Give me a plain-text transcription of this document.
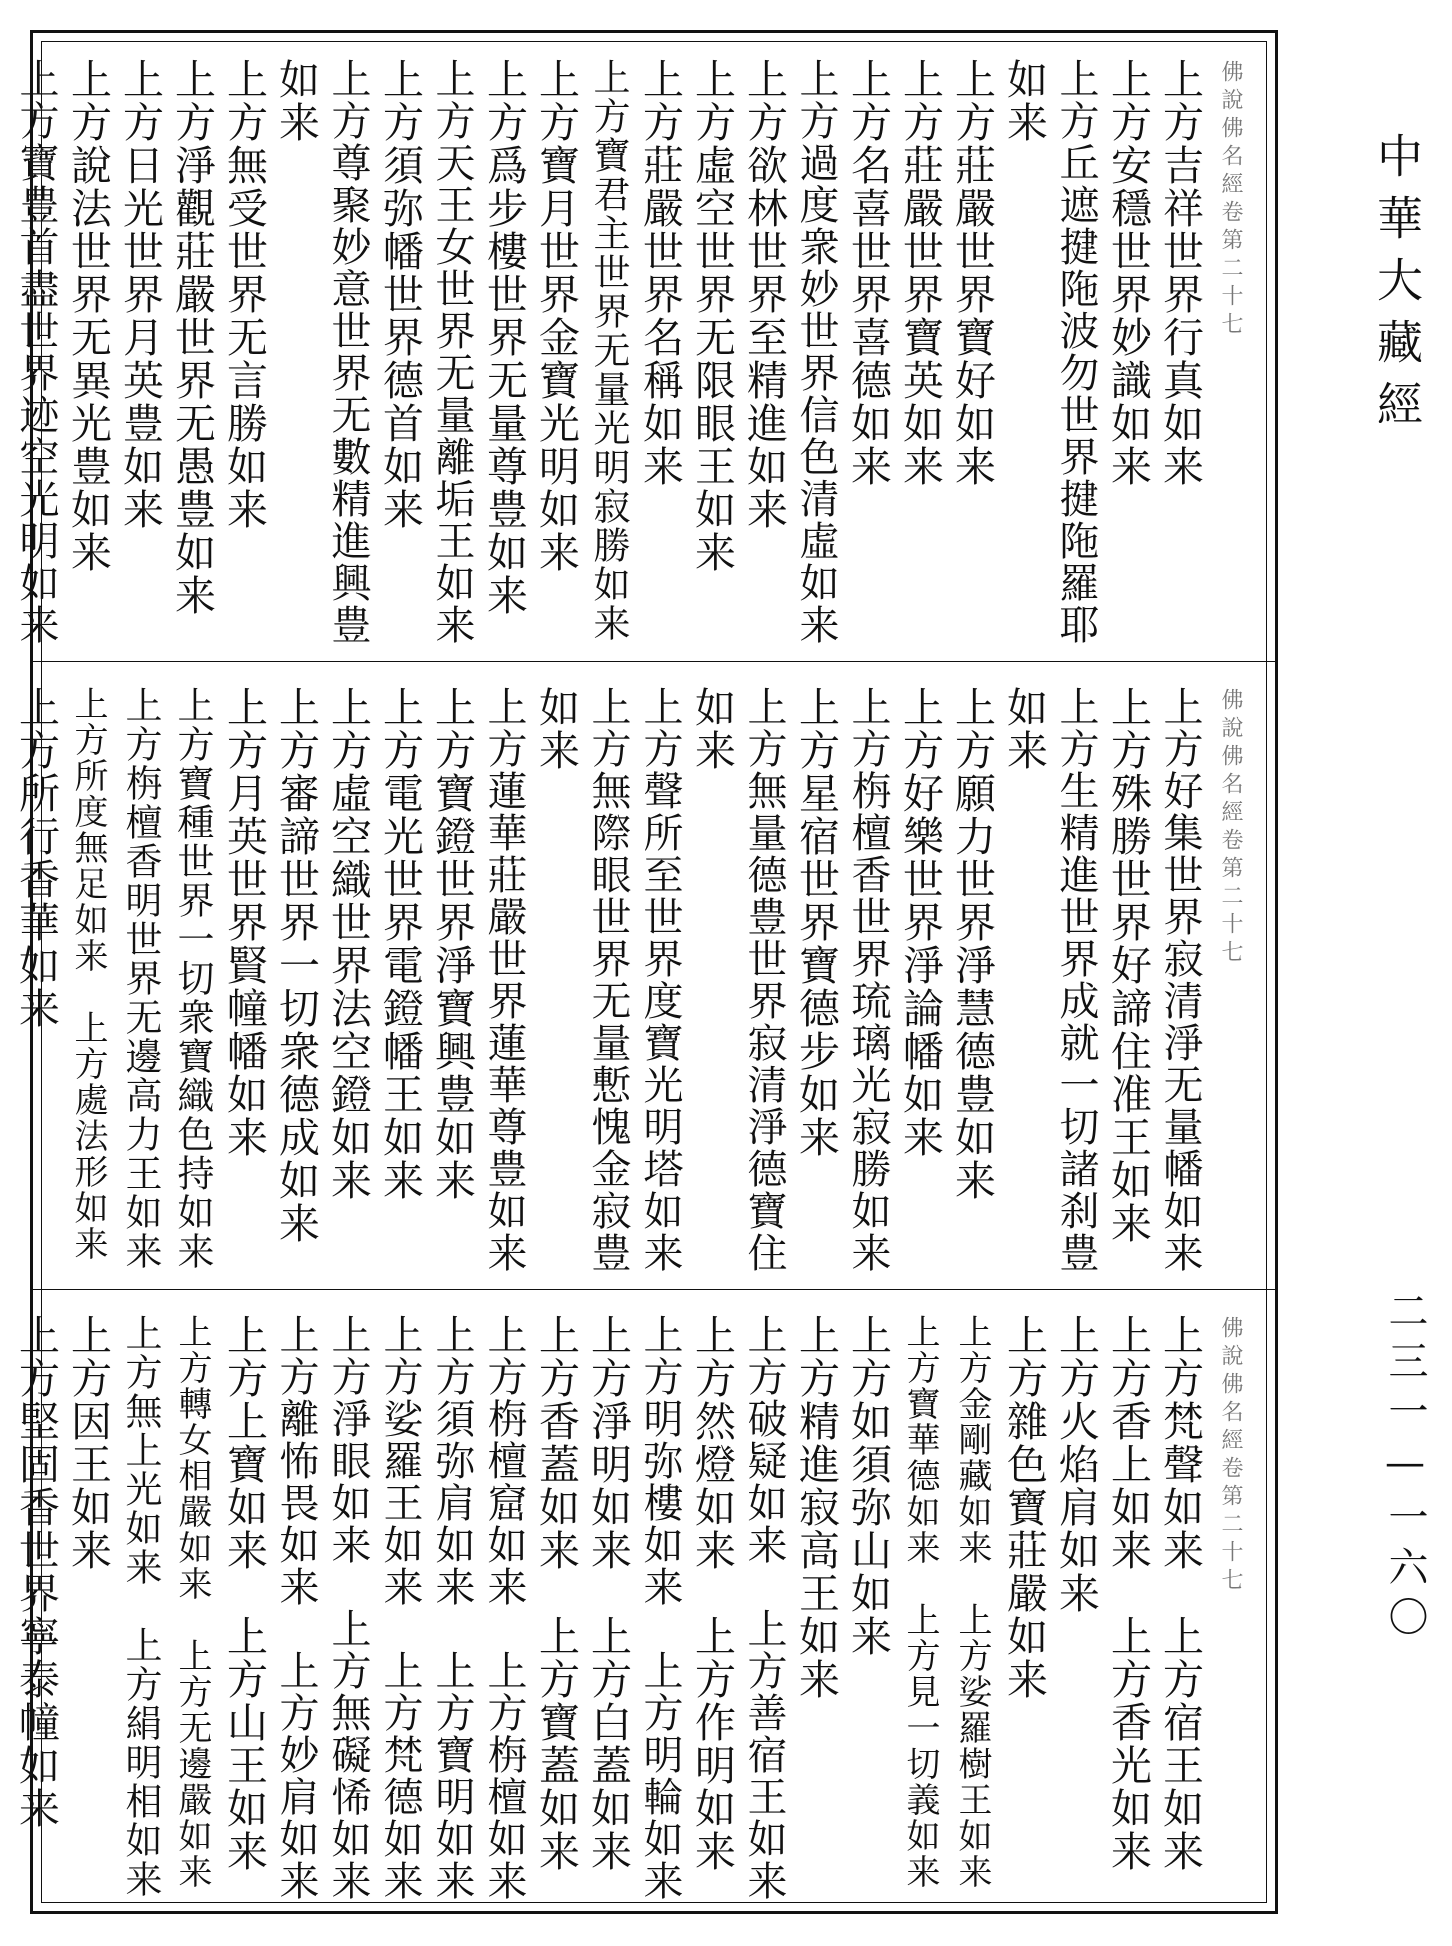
中華大藏經
二三一—一六〇
佛說佛名經卷第二十七
上方吉祥世界行真如来
上方安穩世界妙識如来
上方丘遮揵陁波勿世界揵陁羅耶
如来
上方莊嚴世界寶好如来
上方莊嚴世界寶英如来
上方名喜世界喜德如来
上方過度衆妙世界信色清虛如来
上方欲林世界至精進如来
上方虛空世界无限眼王如来
上方莊嚴世界名稱如来
上方寶君主世界无量光明寂勝如来
上方寶月世界金寶光明如来
上方爲步樓世界无量尊豊如来
上方天王女世界无量離垢王如来
上方須弥幡世界德首如来
上方尊聚妙意世界无數精進興豊
如来
上方無受世界无言勝如来
上方淨觀莊嚴世界无愚豊如来
上方日光世界月英豊如来
上方說法世界无異光豊如来
上方寶豊首盡世界迹空光明如来
佛說佛名經卷第二十七
上方好集世界寂清淨无量幡如来
上方殊勝世界好諦住准王如来
上方生精進世界成就一切諸刹豊
如来
上方願力世界淨慧德豊如来
上方好樂世界淨論幡如来
上方栴檀香世界琉璃光寂勝如来
上方星宿世界寶德步如来
上方無量德豊世界寂清淨德寶住
如来
上方聲所至世界度寶光明塔如来
上方無際眼世界无量慙愧金寂豊
如来
上方蓮華莊嚴世界蓮華尊豊如来
上方寶鐙世界淨寶興豊如来
上方電光世界電鐙幡王如来
上方虛空織世界法空鐙如来
上方審諦世界一切衆德成如来
上方月英世界賢幢幡如来
上方寶種世界一切衆寶織色持如来
上方栴檀香明世界无邊高力王如来
上方所度無足如来　上方處法形如来
上方所行香華如来
佛說佛名經卷第二十七
上方梵聲如来　上方宿王如来
上方香上如来　上方香光如来
上方火焰肩如来
上方雜色寶莊嚴如来
上方金剛藏如来　上方娑羅樹王如来
上方寶華德如来　上方見一切義如来
上方如須弥山如来
上方精進寂高王如来
上方破疑如来　上方善宿王如来
上方然燈如来　上方作明如来
上方明弥樓如来　上方明輪如来
上方淨明如来　上方白蓋如来
上方香蓋如来　上方寶蓋如来
上方栴檀窟如来　上方栴檀如来
上方須弥肩如来　上方寶明如来
上方娑羅王如来　上方梵德如来
上方淨眼如来　上方無礙悕如来
上方離怖畏如来　上方妙肩如来
上方上寶如来　上方山王如来
上方轉女相嚴如来　上方无邊嚴如来
上方無上光如来　上方絹明相如来
上方因王如来
上方堅固香世界寧泰幢如来
